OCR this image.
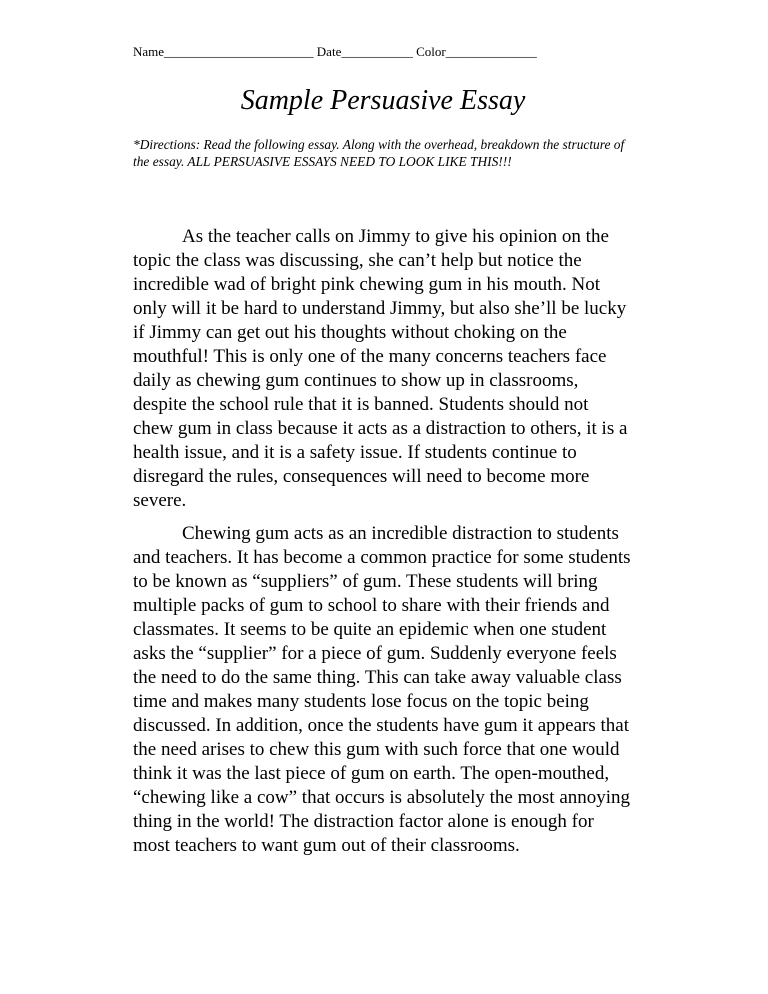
Name_______________________ Date___________ Color______________
Sample Persuasive Essay
*Directions: Read the following essay. Along with the overhead, breakdown the structure of the essay. ALL PERSUASIVE ESSAYS NEED TO LOOK LIKE THIS!!!

As the teacher calls on Jimmy to give his opinion on the topic the class was discussing, she can’t help but notice the incredible wad of bright pink chewing gum in his mouth. Not only will it be hard to understand Jimmy, but also she’ll be lucky if Jimmy can get out his thoughts without choking on the mouthful! This is only one of the many concerns teachers face daily as chewing gum continues to show up in classrooms, despite the school rule that it is banned. Students should not chew gum in class because it acts as a distraction to others, it is a health issue, and it is a safety issue. If students continue to disregard the rules, consequences will need to become more severe.

Chewing gum acts as an incredible distraction to students and teachers. It has become a common practice for some students to be known as “suppliers” of gum. These students will bring multiple packs of gum to school to share with their friends and classmates. It seems to be quite an epidemic when one student asks the “supplier” for a piece of gum. Suddenly everyone feels the need to do the same thing. This can take away valuable class time and makes many students lose focus on the topic being discussed. In addition, once the students have gum it appears that the need arises to chew this gum with such force that one would think it was the last piece of gum on earth. The open-mouthed, “chewing like a cow” that occurs is absolutely the most annoying thing in the world! The distraction factor alone is enough for most teachers to want gum out of their classrooms.
